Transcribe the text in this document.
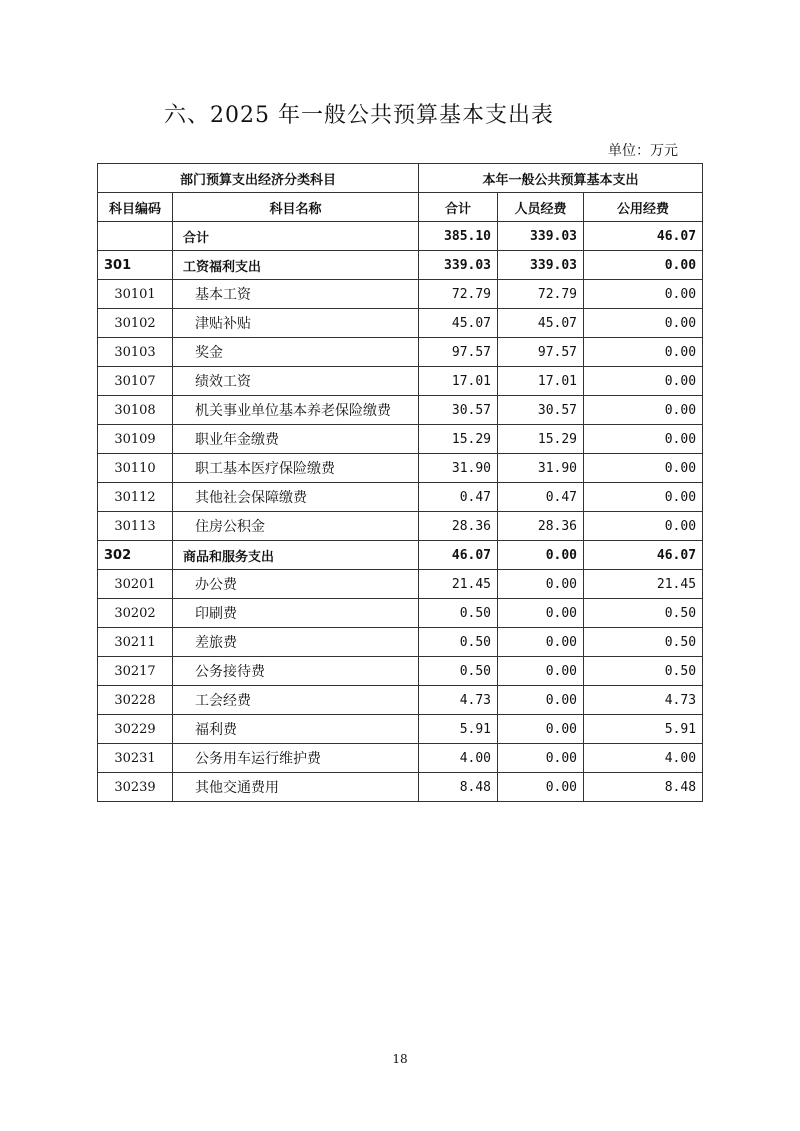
六、2025 年一般公共预算基本支出表
单位：万元
部门预算支出经济分类科目		本年一般公共预算基本支出		
科目编码	科目名称	合计	人员经费	公用经费
	合计	385.10	339.03	46.07
301	工资福利支出	339.03	339.03	0.00
30101	基本工资	72.79	72.79	0.00
30102	津贴补贴	45.07	45.07	0.00
30103	奖金	97.57	97.57	0.00
30107	绩效工资	17.01	17.01	0.00
30108	机关事业单位基本养老保险缴费	30.57	30.57	0.00
30109	职业年金缴费	15.29	15.29	0.00
30110	职工基本医疗保险缴费	31.90	31.90	0.00
30112	其他社会保障缴费	0.47	0.47	0.00
30113	住房公积金	28.36	28.36	0.00
302	商品和服务支出	46.07	0.00	46.07
30201	办公费	21.45	0.00	21.45
30202	印刷费	0.50	0.00	0.50
30211	差旅费	0.50	0.00	0.50
30217	公务接待费	0.50	0.00	0.50
30228	工会经费	4.73	0.00	4.73
30229	福利费	5.91	0.00	5.91
30231	公务用车运行维护费	4.00	0.00	4.00
30239	其他交通费用	8.48	0.00	8.48
18
